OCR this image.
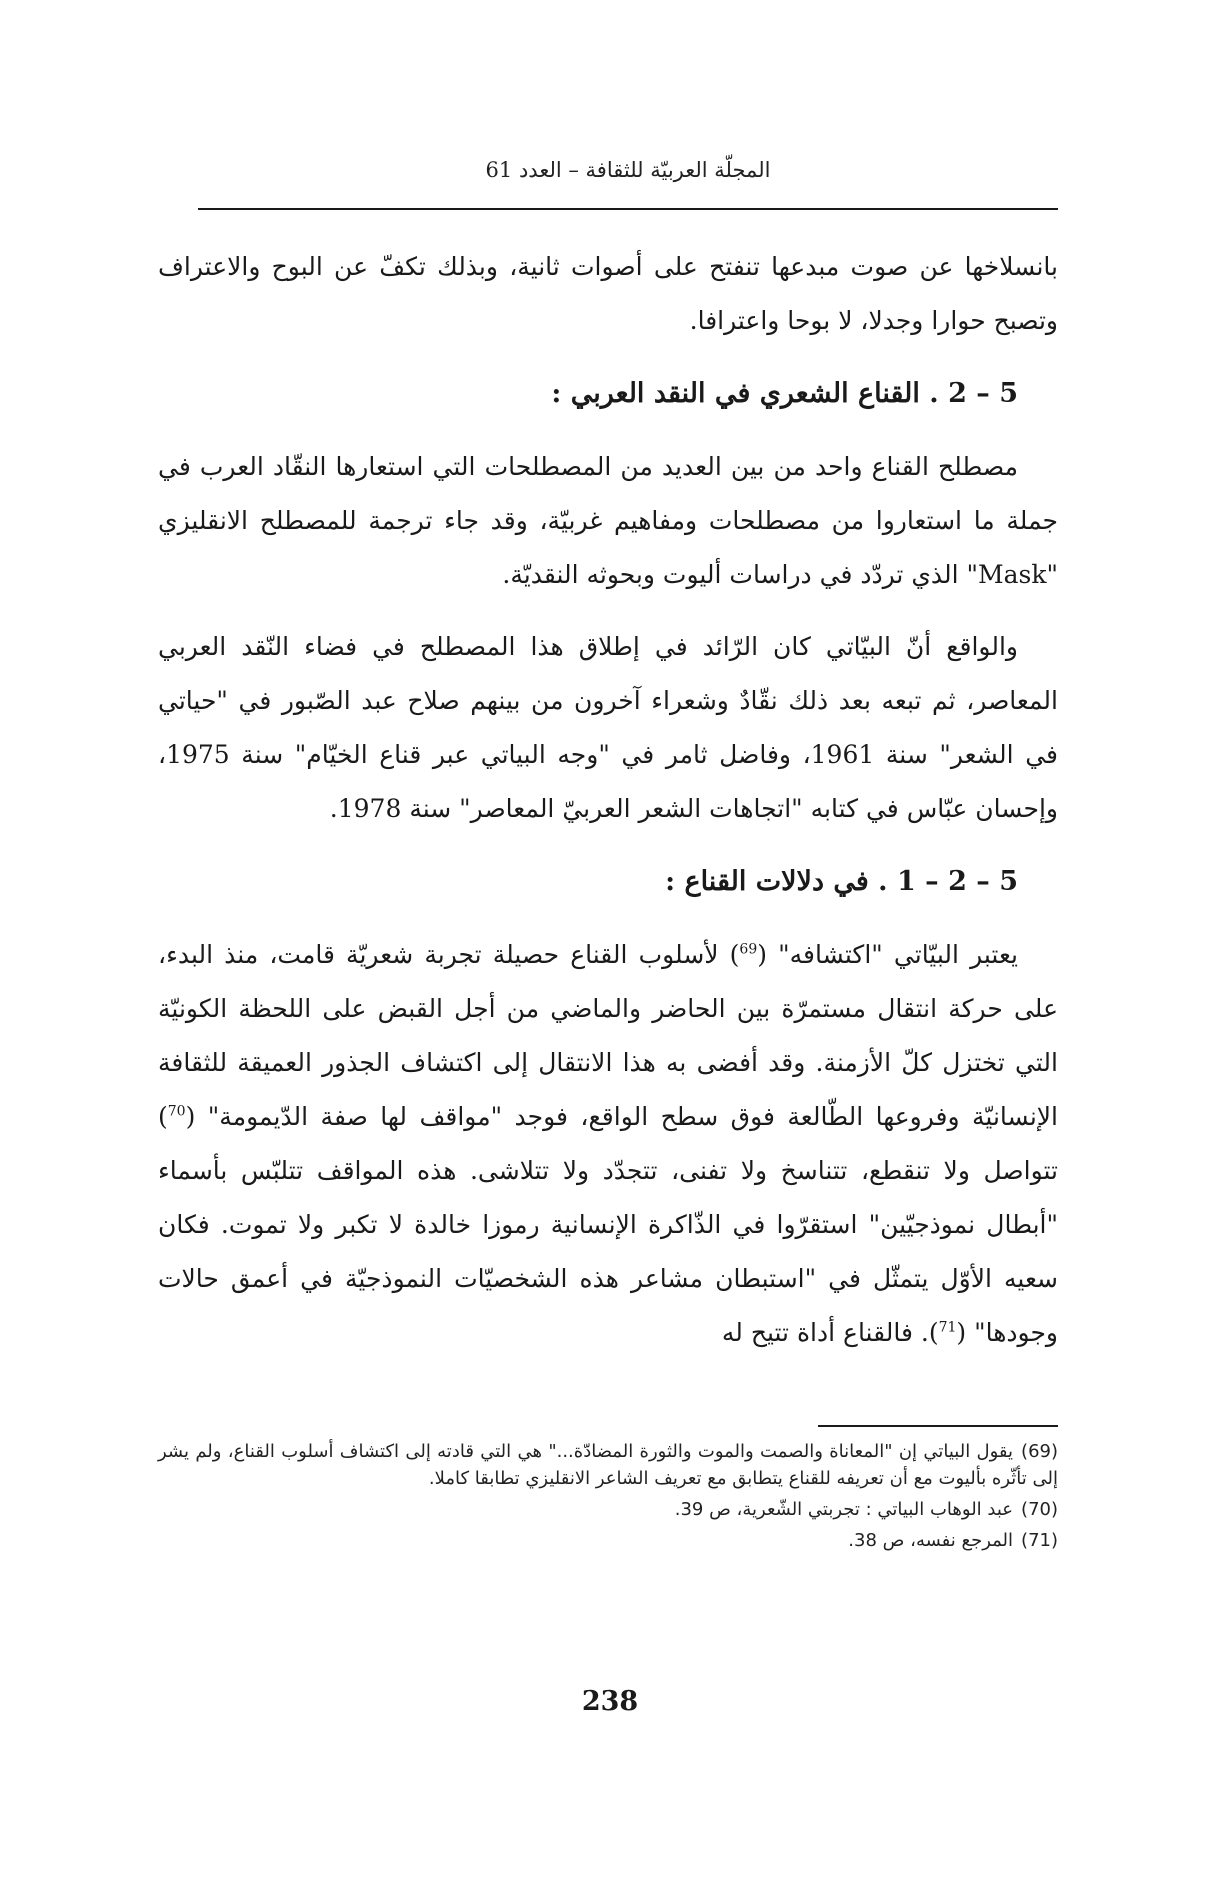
المجلّة العربيّة للثقافة – العدد 61

بانسلاخها عن صوت مبدعها تنفتح على أصوات ثانية، وبذلك تكفّ عن البوح والاعتراف وتصبح حوارا وجدلا، لا بوحا واعترافا.

5 – 2 . القناع الشعري في النقد العربي :

مصطلح القناع واحد من بين العديد من المصطلحات التي استعارها النقّاد العرب في جملة ما استعاروا من مصطلحات ومفاهيم غربيّة، وقد جاء ترجمة للمصطلح الانقليزي "Mask" الذي تردّد في دراسات أليوت وبحوثه النقديّة.

والواقع أنّ البيّاتي كان الرّائد في إطلاق هذا المصطلح في فضاء النّقد العربي المعاصر، ثم تبعه بعد ذلك نقّادٌ وشعراء آخرون من بينهم صلاح عبد الصّبور في "حياتي في الشعر" سنة 1961، وفاضل ثامر في "وجه البياتي عبر قناع الخيّام" سنة 1975، وإحسان عبّاس في كتابه "اتجاهات الشعر العربيّ المعاصر" سنة 1978.

5 – 2 – 1 . في دلالات القناع :

يعتبر البيّاتي "اكتشافه" ($^{69}$) لأسلوب القناع حصيلة تجربة شعريّة قامت، منذ البدء، على حركة انتقال مستمرّة بين الحاضر والماضي من أجل القبض على اللحظة الكونيّة التي تختزل كلّ الأزمنة. وقد أفضى به هذا الانتقال إلى اكتشاف الجذور العميقة للثقافة الإنسانيّة وفروعها الطّالعة فوق سطح الواقع، فوجد "مواقف لها صفة الدّيمومة" ($^{70}$) تتواصل ولا تنقطع، تتناسخ ولا تفنى، تتجدّد ولا تتلاشى. هذه المواقف تتلبّس بأسماء "أبطال نموذجيّين" استقرّوا في الذّاكرة الإنسانية رموزا خالدة لا تكبر ولا تموت. فكان سعيه الأوّل يتمثّل في "استبطان مشاعر هذه الشخصيّات النموذجيّة في أعمق حالات وجودها" ($^{71}$). فالقناع أداة تتيح له

(69)يقول البياتي إن "المعاناة والصمت والموت والثورة المضادّة..." هي التي قادته إلى اكتشاف أسلوب القناع، ولم يشر إلى تأثّره بأليوت مع أن تعريفه للقناع يتطابق مع تعريف الشاعر الانقليزي تطابقا كاملا.

(70)عبد الوهاب البياتي : تجربتي الشّعرية، ص 39.

(71)المرجع نفسه، ص 38.

238
